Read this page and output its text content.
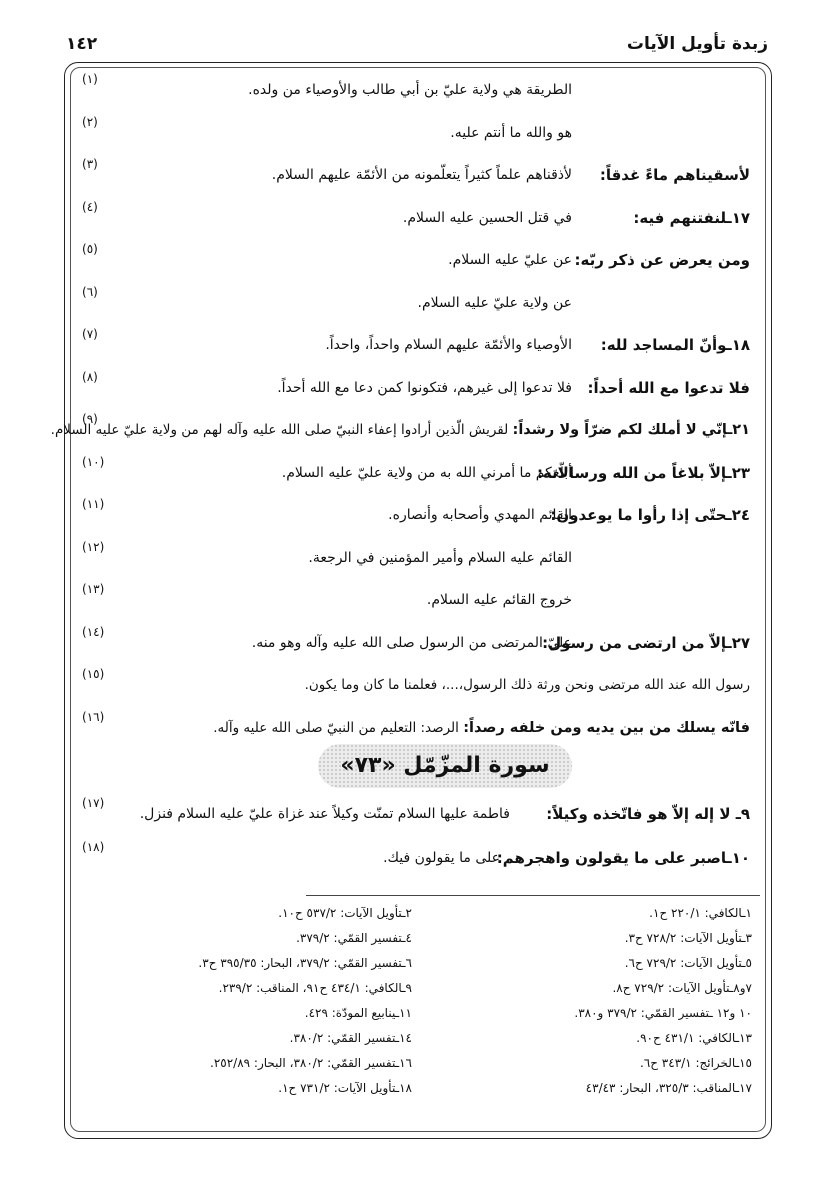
زبدة تأويل الآيات
١٤٢
(١)
الطريقة هي ولاية عليّ بن أبي طالب والأوصياء من ولده.
(٢)
هو والله ما أنتم عليه.
(٣)
لأسقيناهم ماءً غدقاً:
لأذقناهم علماً كثيراً يتعلّمونه من الأئمّة عليهم السلام.
(٤)
١٧ـلنفتنهم فيه:
في قتل الحسين عليه السلام.
(٥)
ومن يعرض عن ذكر ربّه:
عن عليّ عليه السلام.
(٦)
عن ولاية عليّ عليه السلام.
(٧)
١٨ـوأنّ المساجد لله:
الأوصياء والأئمّة عليهم السلام واحداً، واحداً.
(٨)
فلا تدعوا مع الله أحداً:
فلا تدعوا إلى غيرهم، فتكونوا كمن دعا مع الله أحداً.
(٩)
٢١ـإنّي لا أملك لكم ضرّاً ولا رشداً: لقريش الّذين أرادوا إعفاء النبيّ صلى الله عليه وآله لهم من ولاية عليّ عليه السلام.
(١٠)
٢٣ـإلاّ بلاغاً من الله ورسالاته:
أبلّغكم ما أمرني الله به من ولاية عليّ عليه السلام.
(١١)
٢٤ـحتّى إذا رأوا ما يوعدون:
القائم المهدي وأصحابه وأنصاره.
(١٢)
القائم عليه السلام وأمير المؤمنين في الرجعة.
(١٣)
خروج القائم عليه السلام.
(١٤)
٢٧ـإلاّ من ارتضى من رسول:
عليّ المرتضى من الرسول صلى الله عليه وآله وهو منه.
(١٥)
رسول الله عند الله مرتضى ونحن ورثة ذلك الرسول،...، فعلمنا ما كان وما يكون.
(١٦)
فانّه يسلك من بين يديه ومن خلفه رصداً: الرصد: التعليم من النبيّ صلى الله عليه وآله.
سورة المزّمّل «٧٣»
(١٧)
٩ـ لا إله إلاّ هو فاتّخذه وكيلاً:
فاطمة عليها السلام تمنّت وكيلاً عند غزاة عليّ عليه السلام فنزل.
(١٨)
١٠ـاصبر على ما يقولون واهجرهم:
على ما يقولون فيك.
١ـالكافي: ٢٢٠/١ ح١.
٣ـتأويل الآيات: ٧٢٨/٢ ح٣.
٥ـتأويل الآيات: ٧٢٩/٢ ح٦.
٧و٨ـتأويل الآيات: ٧٢٩/٢ ح٨.
١٠ و١٢ ـتفسير القمّي: ٣٧٩/٢ و٣٨٠.
١٣ـالكافي: ٤٣١/١ ح٩٠.
١٥ـالخرائج: ٣٤٣/١ ح٦.
١٧ـالمناقب: ٣٢٥/٣، البحار: ٤٣/٤٣
٢ـتأويل الآيات: ٥٣٧/٢ ح١٠.
٤ـتفسير القمّي: ٣٧٩/٢.
٦ـتفسير القمّي: ٣٧٩/٢، البحار: ٣٩٥/٣٥ ح٣.
٩ـالكافي: ٤٣٤/١ ح٩١، المناقب: ٢٣٩/٢.
١١ـينابيع المودّة: ٤٢٩.
١٤ـتفسير القمّي: ٣٨٠/٢.
١٦ـتفسير القمّي: ٣٨٠/٢، البحار: ٢٥٢/٨٩.
١٨ـتأويل الآيات: ٧٣١/٢ ح١.
